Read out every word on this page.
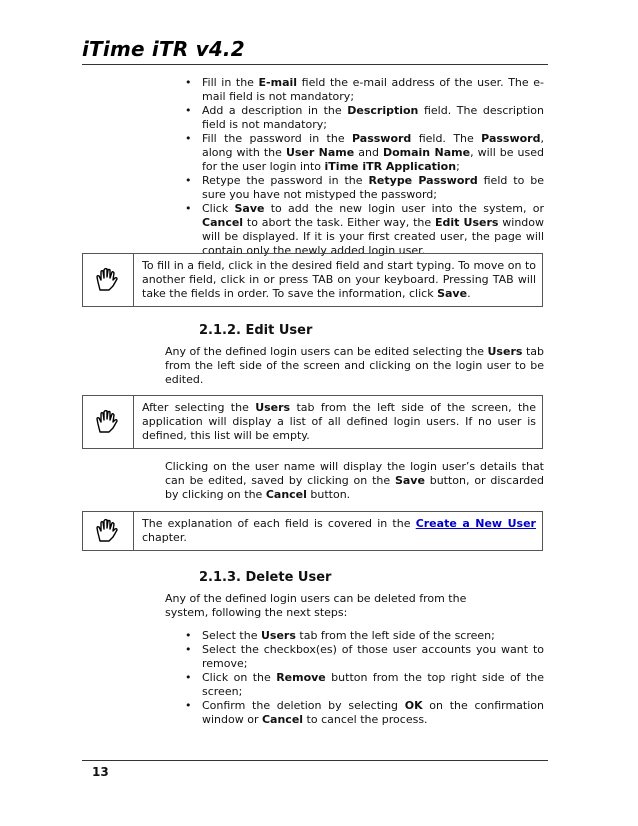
iTime iTR v4.2
• Fill in the E-mail field the e-mail address of the user. The e-mail field is not mandatory;
• Add a description in the Description field. The description field is not mandatory;
• Fill the password in the Password field. The Password, along with the User Name and Domain Name, will be used for the user login into iTime iTR Application;
• Retype the password in the Retype Password field to be sure you have not mistyped the password;
• Click Save to add the new login user into the system, or Cancel to abort the task. Either way, the Edit Users window will be displayed. If it is your first created user, the page will contain only the newly added login user.
To fill in a field, click in the desired field and start typing. To move on to another field, click in or press TAB on your keyboard. Pressing TAB will take the fields in order. To save the information, click Save.
2.1.2. Edit User
Any of the defined login users can be edited selecting the Users tab from the left side of the screen and clicking on the login user to be edited.
After selecting the Users tab from the left side of the screen, the application will display a list of all defined login users. If no user is defined, this list will be empty.
Clicking on the user name will display the login user’s details that can be edited, saved by clicking on the Save button, or discarded by clicking on the Cancel button.
The explanation of each field is covered in the Create a New User chapter.
2.1.3. Delete User
Any of the defined login users can be deleted from the system, following the next steps:
• Select the Users tab from the left side of the screen;
• Select the checkbox(es) of those user accounts you want to remove;
• Click on the Remove button from the top right side of the screen;
• Confirm the deletion by selecting OK on the confirmation window or Cancel to cancel the process.
13
